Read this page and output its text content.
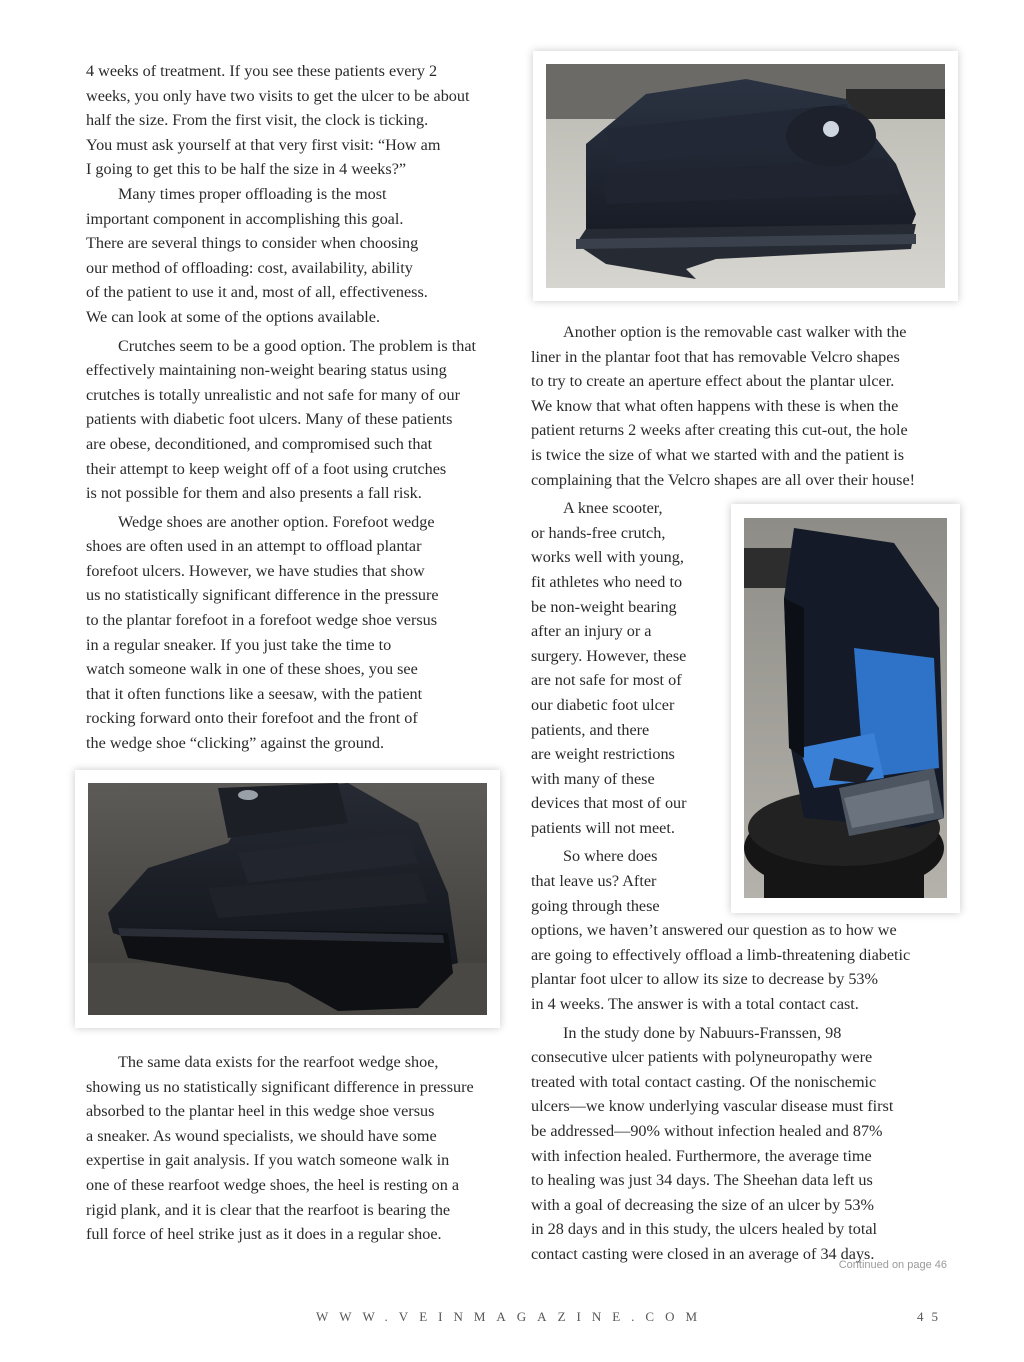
4 weeks of treatment. If you see these patients every 2
weeks, you only have two visits to get the ulcer to be about
half the size. From the first visit, the clock is ticking.
You must ask yourself at that very first visit: “How am
I going to get this to be half the size in 4 weeks?”

Many times proper offloading is the most
important component in accomplishing this goal.
There are several things to consider when choosing
our method of offloading: cost, availability, ability
of the patient to use it and, most of all, effectiveness.
We can look at some of the options available.

Crutches seem to be a good option. The problem is that
effectively maintaining non-weight bearing status using
crutches is totally unrealistic and not safe for many of our
patients with diabetic foot ulcers. Many of these patients
are obese, deconditioned, and compromised such that
their attempt to keep weight off of a foot using crutches
is not possible for them and also presents a fall risk.

Wedge shoes are another option. Forefoot wedge
shoes are often used in an attempt to offload plantar
forefoot ulcers. However, we have studies that show
us no statistically significant difference in the pressure
to the plantar forefoot in a forefoot wedge shoe versus
in a regular sneaker. If you just take the time to
watch someone walk in one of these shoes, you see
that it often functions like a seesaw, with the patient
rocking forward onto their forefoot and the front of
the wedge shoe “clicking” against the ground.

The same data exists for the rearfoot wedge shoe,
showing us no statistically significant difference in pressure
absorbed to the plantar heel in this wedge shoe versus
a sneaker. As wound specialists, we should have some
expertise in gait analysis. If you watch someone walk in
one of these rearfoot wedge shoes, the heel is resting on a
rigid plank, and it is clear that the rearfoot is bearing the
full force of heel strike just as it does in a regular shoe.

Another option is the removable cast walker with the
liner in the plantar foot that has removable Velcro shapes
to try to create an aperture effect about the plantar ulcer.
We know that what often happens with these is when the
patient returns 2 weeks after creating this cut-out, the hole
is twice the size of what we started with and the patient is
complaining that the Velcro shapes are all over their house!

A knee scooter,
or hands-free crutch,
works well with young,
fit athletes who need to
be non-weight bearing
after an injury or a
surgery. However, these
are not safe for most of
our diabetic foot ulcer
patients, and there
are weight restrictions
with many of these
devices that most of our
patients will not meet.

So where does
that leave us? After
going through these
options, we haven’t answered our question as to how we
are going to effectively offload a limb-threatening diabetic
plantar foot ulcer to allow its size to decrease by 53%
in 4 weeks. The answer is with a total contact cast.

In the study done by Nabuurs-Franssen, 98
consecutive ulcer patients with polyneuropathy were
treated with total contact casting. Of the nonischemic
ulcers—we know underlying vascular disease must first
be addressed—90% without infection healed and 87%
with infection healed. Furthermore, the average time
to healing was just 34 days. The Sheehan data left us
with a goal of decreasing the size of an ulcer by 53%
in 28 days and in this study, the ulcers healed by total
contact casting were closed in an average of 34 days.

Continued on page 46
WWW.VEINMAGAZINE.COM	45
